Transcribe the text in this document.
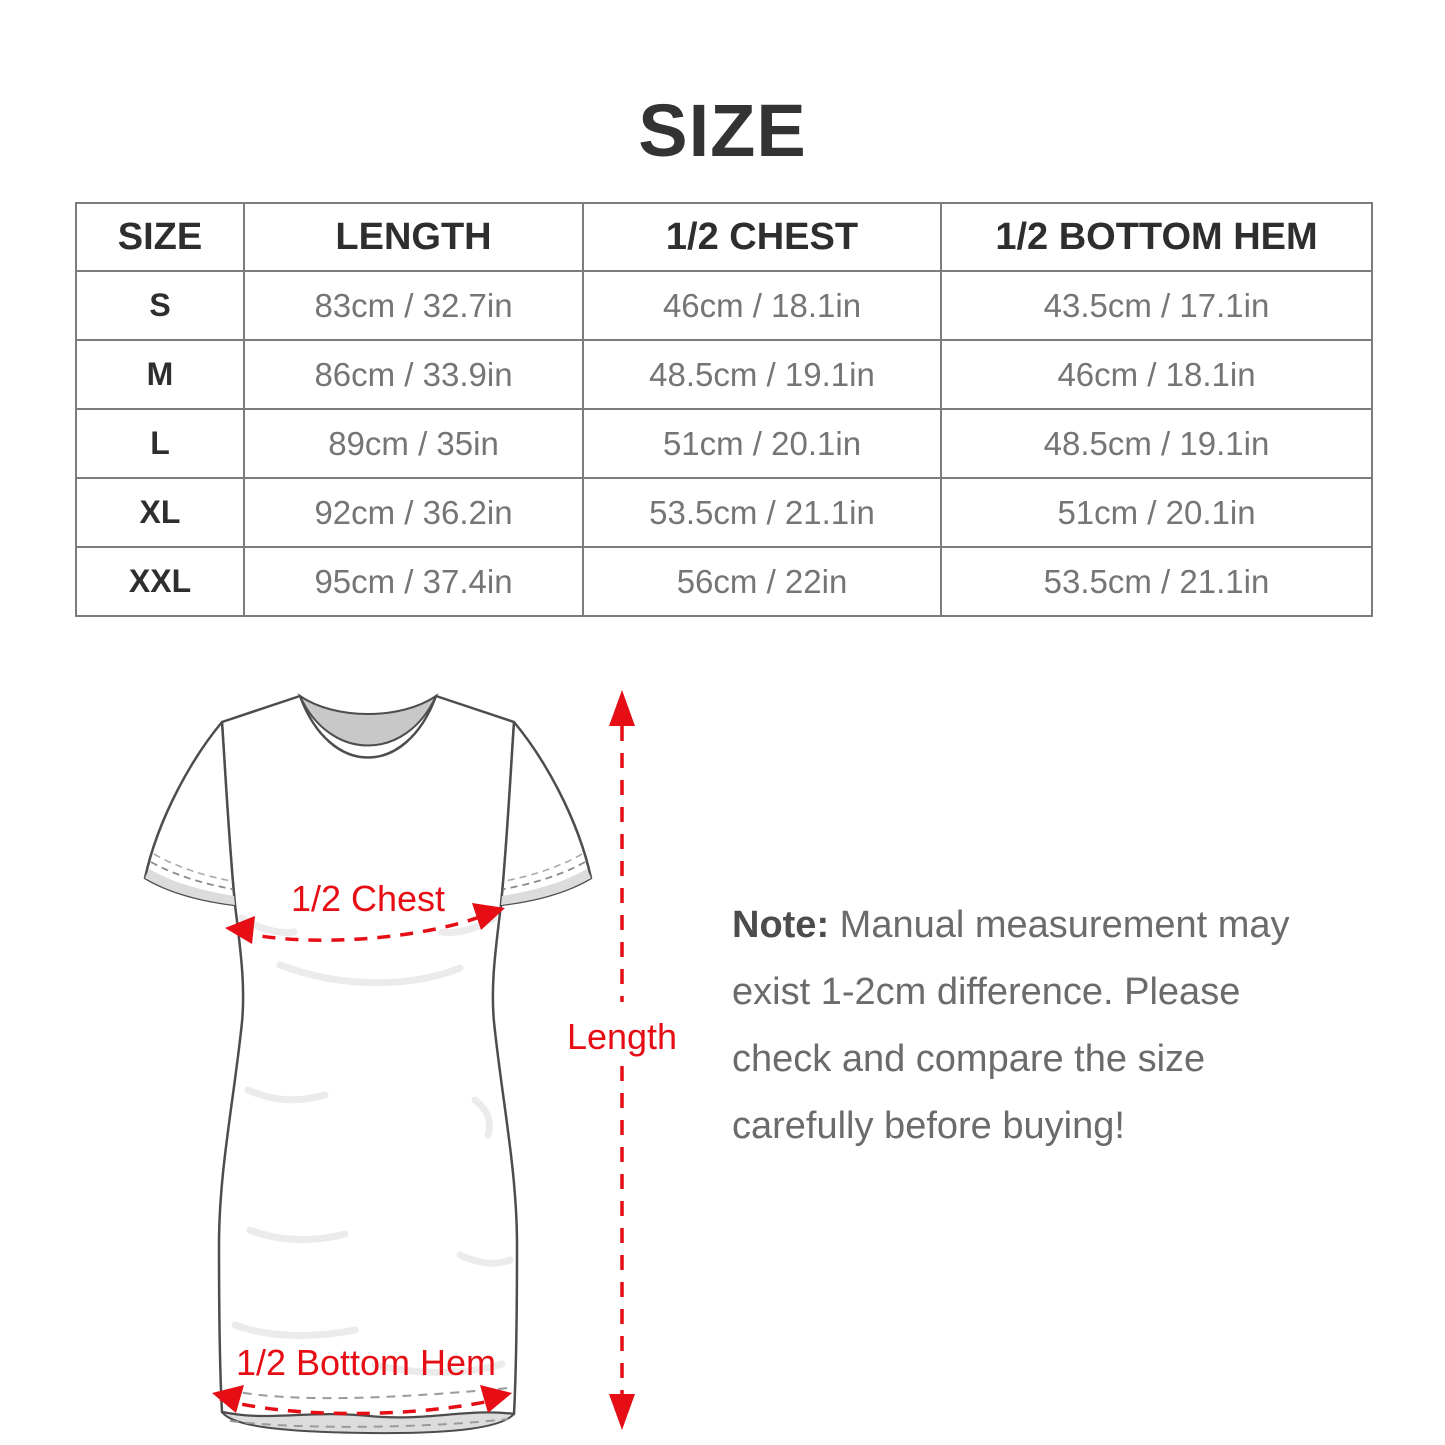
SIZE
SIZE	LENGTH	1/2 CHEST	1/2 BOTTOM HEM
S	83cm / 32.7in	46cm / 18.1in	43.5cm / 17.1in
M	86cm / 33.9in	48.5cm / 19.1in	46cm / 18.1in
L	89cm / 35in	51cm / 20.1in	48.5cm / 19.1in
XL	92cm / 36.2in	53.5cm / 21.1in	51cm / 20.1in
XXL	95cm / 37.4in	56cm / 22in	53.5cm / 21.1in
1/2 Chest
Length
1/2 Bottom Hem

Note: Manual measurement may exist 1-2cm difference. Please check and compare the size carefully before buying!
